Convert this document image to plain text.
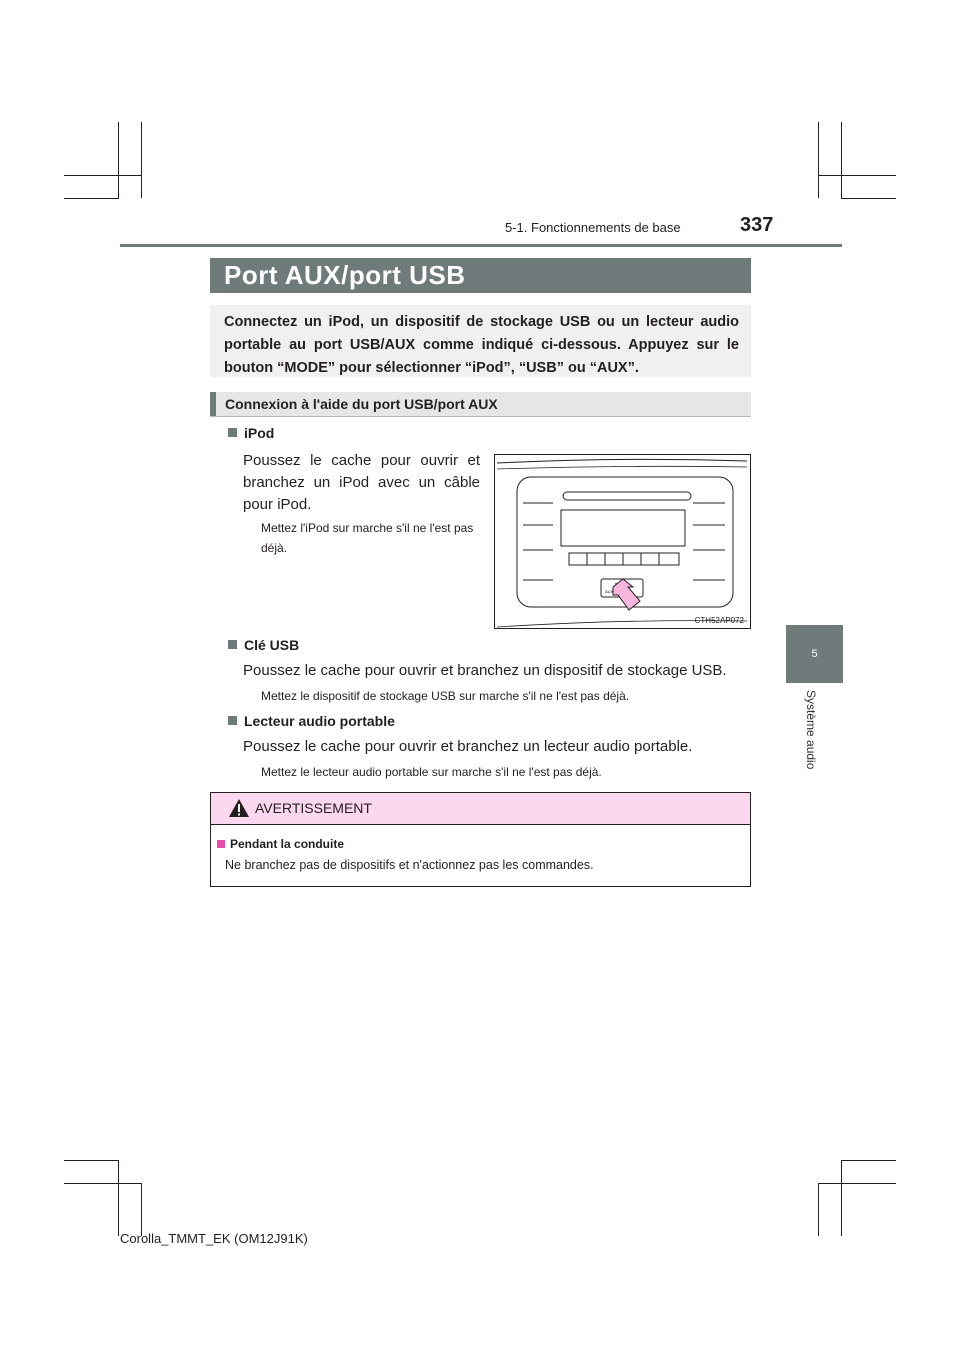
5-1. Fonctionnements de base	337
5
Système audio
Port AUX/port USB
Connectez un iPod, un dispositif de stockage USB ou un lecteur audio portable au port USB/AUX comme indiqué ci-dessous. Appuyez sur le bouton “MODE” pour sélectionner “iPod”, “USB” ou “AUX”.
Connexion à l'aide du port USB/port AUX
iPod
Poussez le cache pour ouvrir et branchez un iPod avec un câble pour iPod.
Mettez l'iPod sur marche s'il ne l'est pas déjà.
AUX
CTH52AP072
Clé USB
Poussez le cache pour ouvrir et branchez un dispositif de stockage USB.
Mettez le dispositif de stockage USB sur marche s'il ne l'est pas déjà.
Lecteur audio portable
Poussez le cache pour ouvrir et branchez un lecteur audio portable.
Mettez le lecteur audio portable sur marche s'il ne l'est pas déjà.
AVERTISSEMENT
Pendant la conduite
Ne branchez pas de dispositifs et n'actionnez pas les commandes.
Corolla_TMMT_EK (OM12J91K)
